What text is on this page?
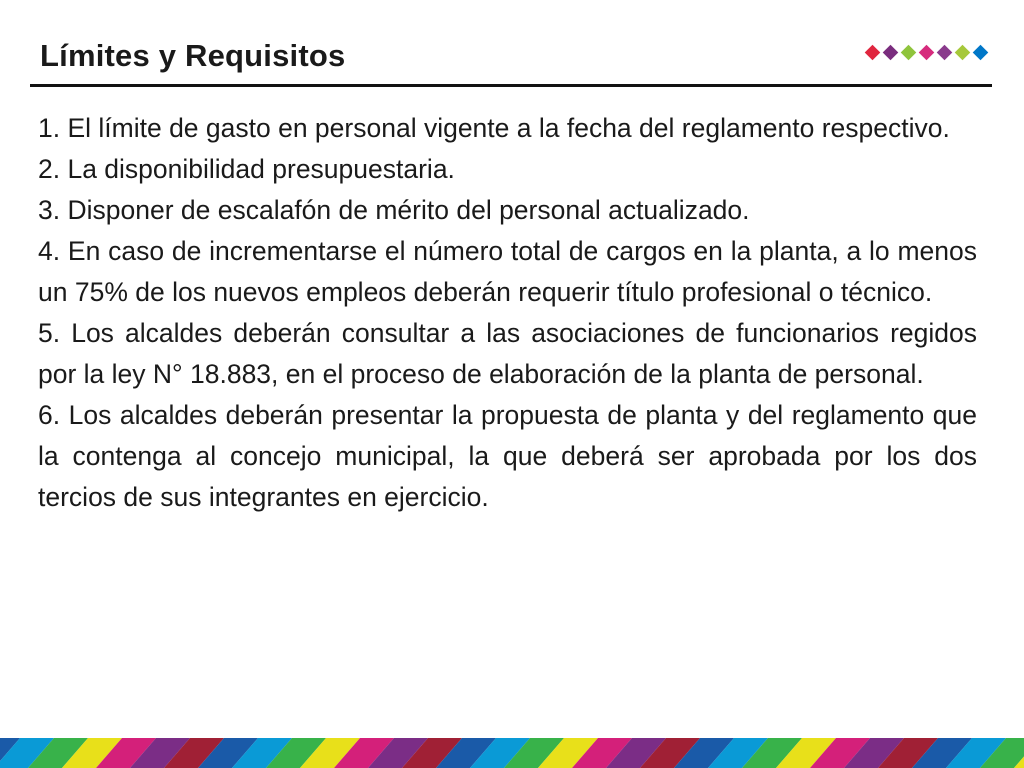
Límites y Requisitos

1. El límite de gasto en personal vigente a la fecha del reglamento respectivo.

2. La disponibilidad presupuestaria.

3. Disponer de escalafón de mérito del personal actualizado.

4. En caso de incrementarse el número total de cargos en la planta, a lo menos un 75% de los nuevos empleos deberán requerir título profesional o técnico.

5. Los alcaldes deberán consultar a las asociaciones de funcionarios regidos por la ley N° 18.883, en el proceso de elaboración de la planta de personal.

6. Los alcaldes deberán presentar la propuesta de planta y del reglamento que la contenga al concejo municipal, la que deberá ser aprobada por los dos tercios de sus integrantes en ejercicio.
